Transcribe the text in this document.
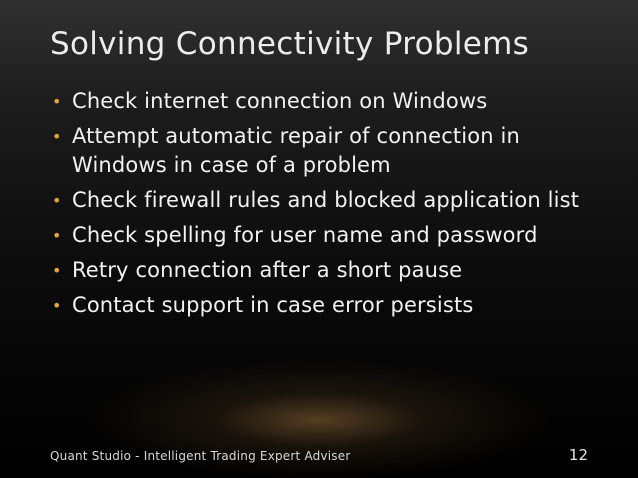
Solving Connectivity Problems
• Check internet connection on Windows
• Attempt automatic repair of connection in Windows in case of a problem
• Check firewall rules and blocked application list
• Check spelling for user name and password
• Retry connection after a short pause
• Contact support in case error persists
Quant Studio - Intelligent Trading Expert Adviser	12
